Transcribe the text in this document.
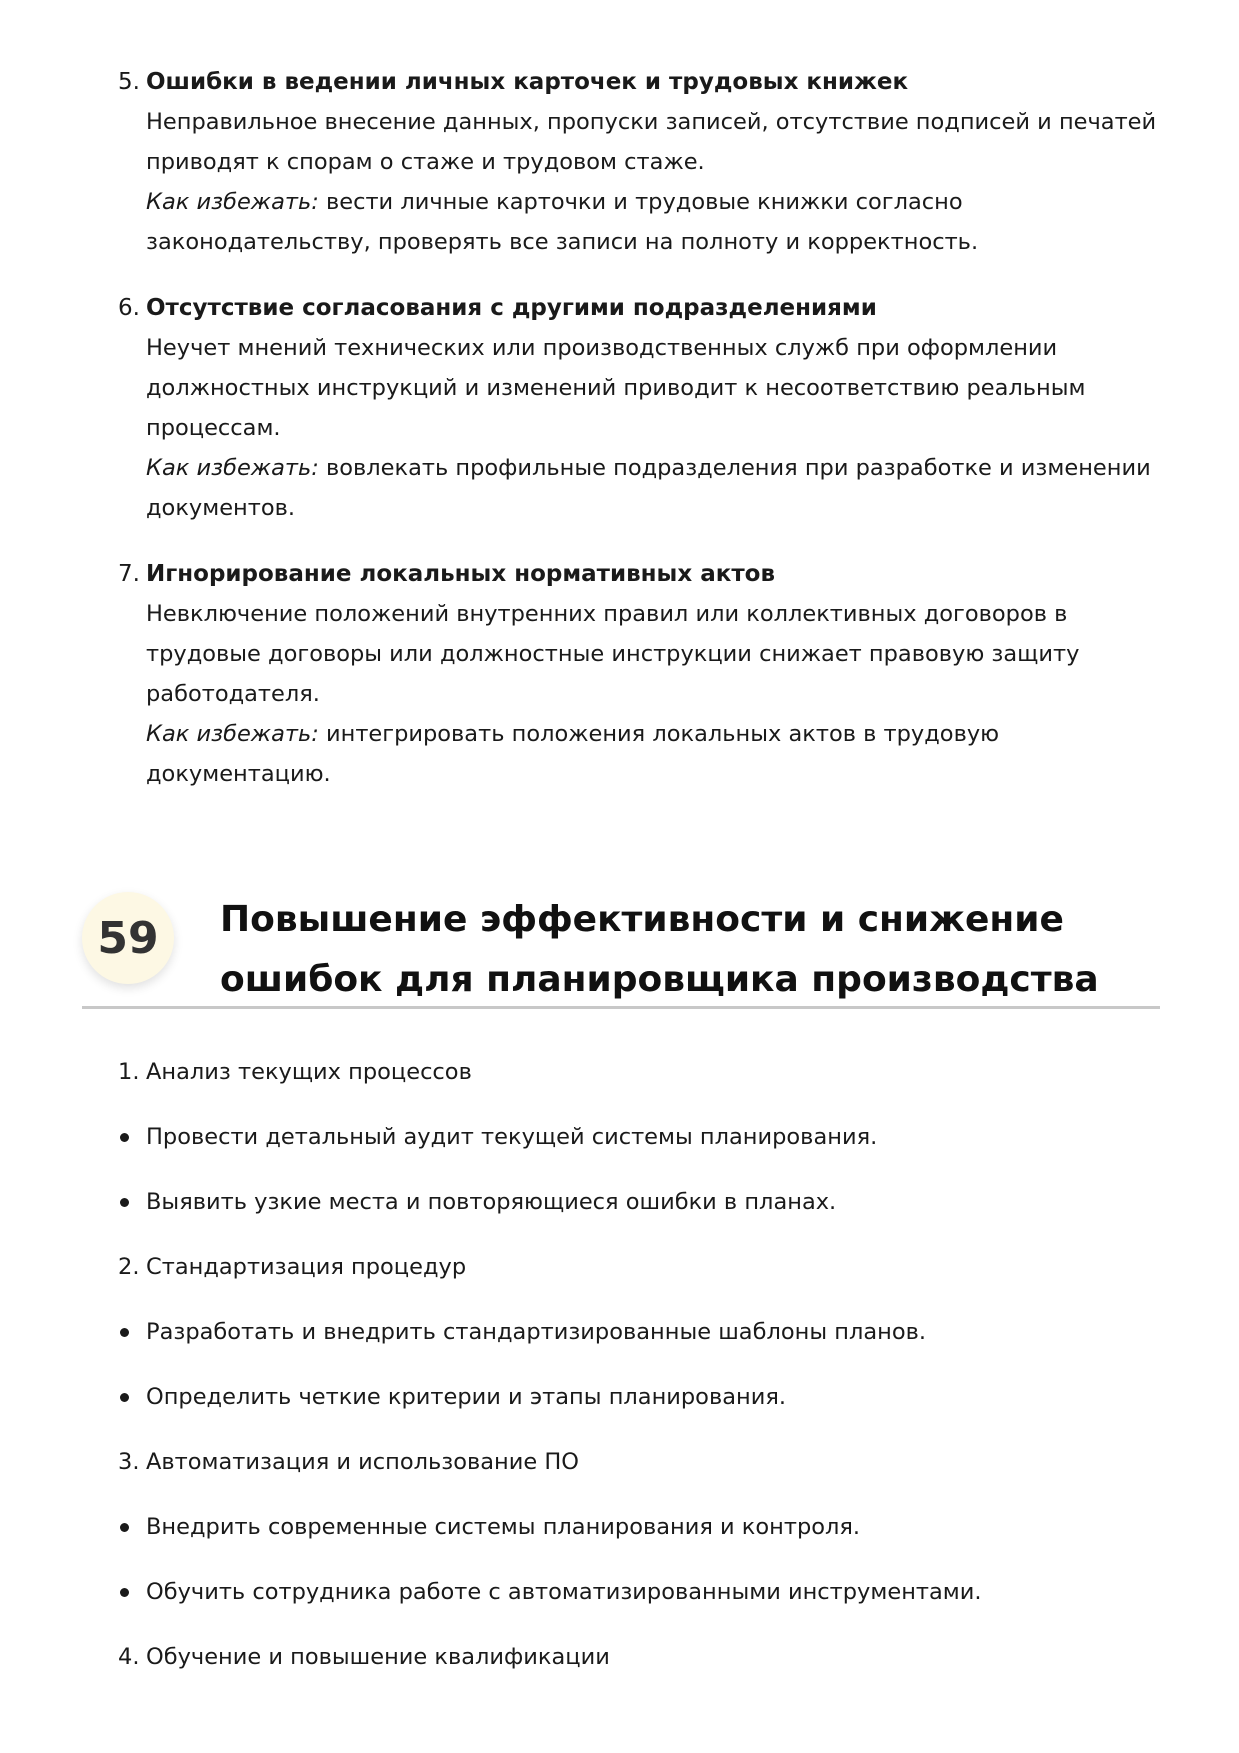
5. Ошибки в ведении личных карточек и трудовых книжек
Неправильное внесение данных, пропуски записей, отсутствие подписей и печатей приводят к спорам о стаже и трудовом стаже.
Как избежать: вести личные карточки и трудовые книжки согласно законодательству, проверять все записи на полноту и корректность.
6. Отсутствие согласования с другими подразделениями
Неучет мнений технических или производственных служб при оформлении должностных инструкций и изменений приводит к несоответствию реальным процессам.
Как избежать: вовлекать профильные подразделения при разработке и изменении документов.
7. Игнорирование локальных нормативных актов
Невключение положений внутренних правил или коллективных договоров в трудовые договоры или должностные инструкции снижает правовую защиту работодателя.
Как избежать: интегрировать положения локальных актов в трудовую документацию.
59	Повышение эффективности и снижение ошибок для планировщика производства
1. Анализ текущих процессов
Провести детальный аудит текущей системы планирования.
Выявить узкие места и повторяющиеся ошибки в планах.
2. Стандартизация процедур
Разработать и внедрить стандартизированные шаблоны планов.
Определить четкие критерии и этапы планирования.
3. Автоматизация и использование ПО
Внедрить современные системы планирования и контроля.
Обучить сотрудника работе с автоматизированными инструментами.
4. Обучение и повышение квалификации
